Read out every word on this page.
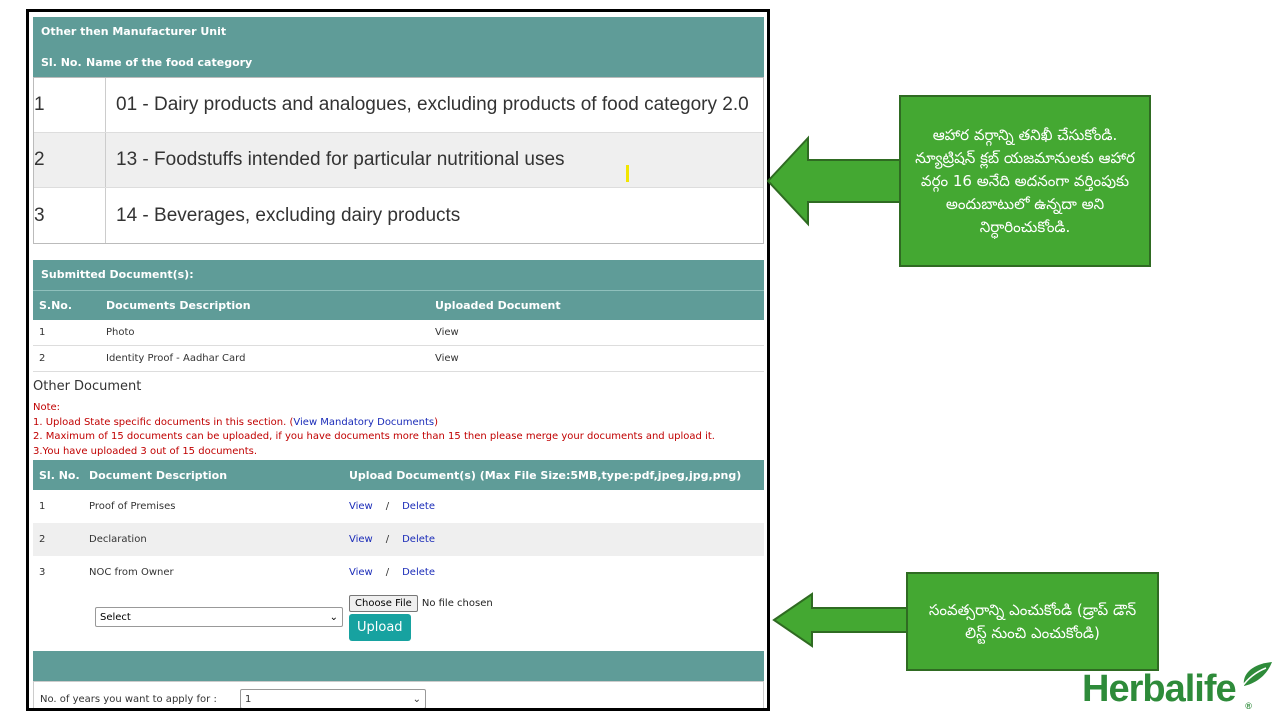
Other then Manufacturer Unit
Sl. No. Name of the food category
1	01 - Dairy products and analogues, excluding products of food category 2.0
2	13 - Foodstuffs intended for particular nutritional uses
3	14 - Beverages, excluding dairy products
Submitted Document(s):
S.No.	Documents Description	Uploaded Document
1	Photo	View
2	Identity Proof - Aadhar Card	View
Other Document
Note:
1. Upload State specific documents in this section. (View Mandatory Documents)
2. Maximum of 15 documents can be uploaded, if you have documents more than 15 then please merge your documents and upload it.
3.You have uploaded 3 out of 15 documents.
Sl. No. Document Description	Upload Document(s) (Max File Size:5MB,type:pdf,jpeg,jpg,png)
1	Proof of Premises	View / Delete
2	Declaration	View / Delete
3	NOC from Owner	View / Delete
Select	⌄
Choose File	No file chosen
Upload
No. of years you want to apply for :	1	⌄
ఆహార వర్గాన్ని తనిఖీ చేసుకోండి. న్యూట్రిషన్ క్లబ్ యజమానులకు ఆహార వర్గం 16 అనేది అదనంగా వర్తింపుకు అందుబాటులో ఉన్నదా అని నిర్ధారించుకోండి.
సంవత్సరాన్ని ఎంచుకోండి (డ్రాప్ డౌన్ లిస్ట్ నుంచి ఎంచుకోండి)
Herbalife ®
